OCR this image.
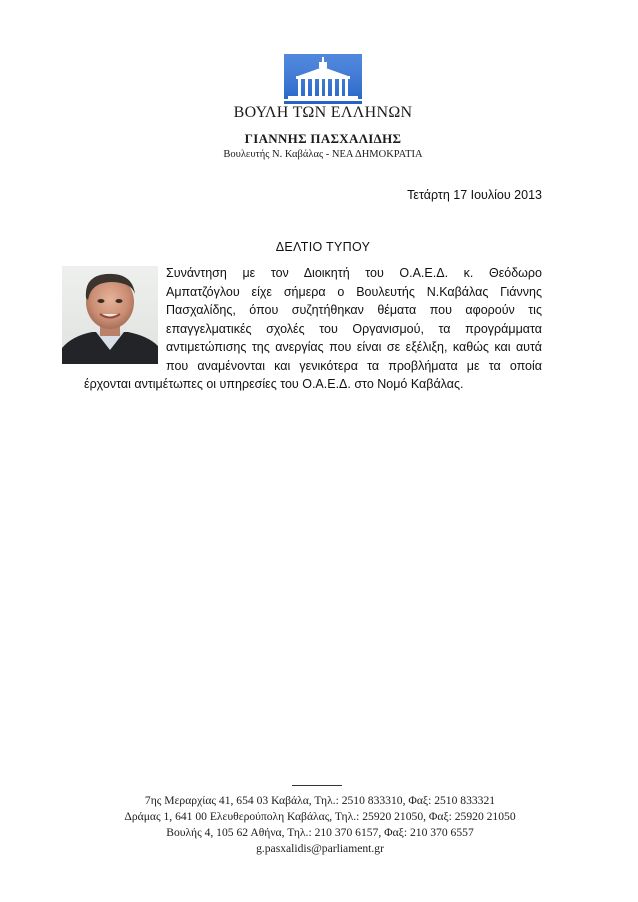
ΒΟΥΛΗ ΤΩΝ ΕΛΛΗΝΩΝ
ΓΙΑΝΝΗΣ ΠΑΣΧΑΛΙΔΗΣ
Βουλευτής Ν. Καβάλας - ΝΕΑ ΔΗΜΟΚΡΑΤΙΑ
Τετάρτη 17 Ιουλίου 2013
ΔΕΛΤΙΟ ΤΥΠΟΥ

Συνάντηση με τον Διοικητή του Ο.Α.Ε.Δ. κ. Θεόδωρο
Αμπατζόγλου είχε σήμερα ο Βουλευτής Ν.Καβάλας Γιάννης
Πασχαλίδης, όπου συζητήθηκαν θέματα που αφορούν τις
επαγγελματικές σχολές του Οργανισμού, τα προγράμματα
αντιμετώπισης της ανεργίας που είναι σε εξέλιξη, καθώς και αυτά
που αναμένονται και γενικότερα τα προβλήματα με τα οποία
έρχονται αντιμέτωπες οι υπηρεσίες του Ο.Α.Ε.Δ. στο Νομό Καβάλας.

7ης Μεραρχίας 41, 654 03 Καβάλα, Τηλ.: 2510 833310, Φαξ: 2510 833321
Δράμας 1, 641 00 Ελευθερούπολη Καβάλας, Τηλ.: 25920 21050, Φαξ: 25920 21050
Βουλής 4, 105 62 Αθήνα, Τηλ.: 210 370 6157, Φαξ: 210 370 6557
g.pasxalidis@parliament.gr
